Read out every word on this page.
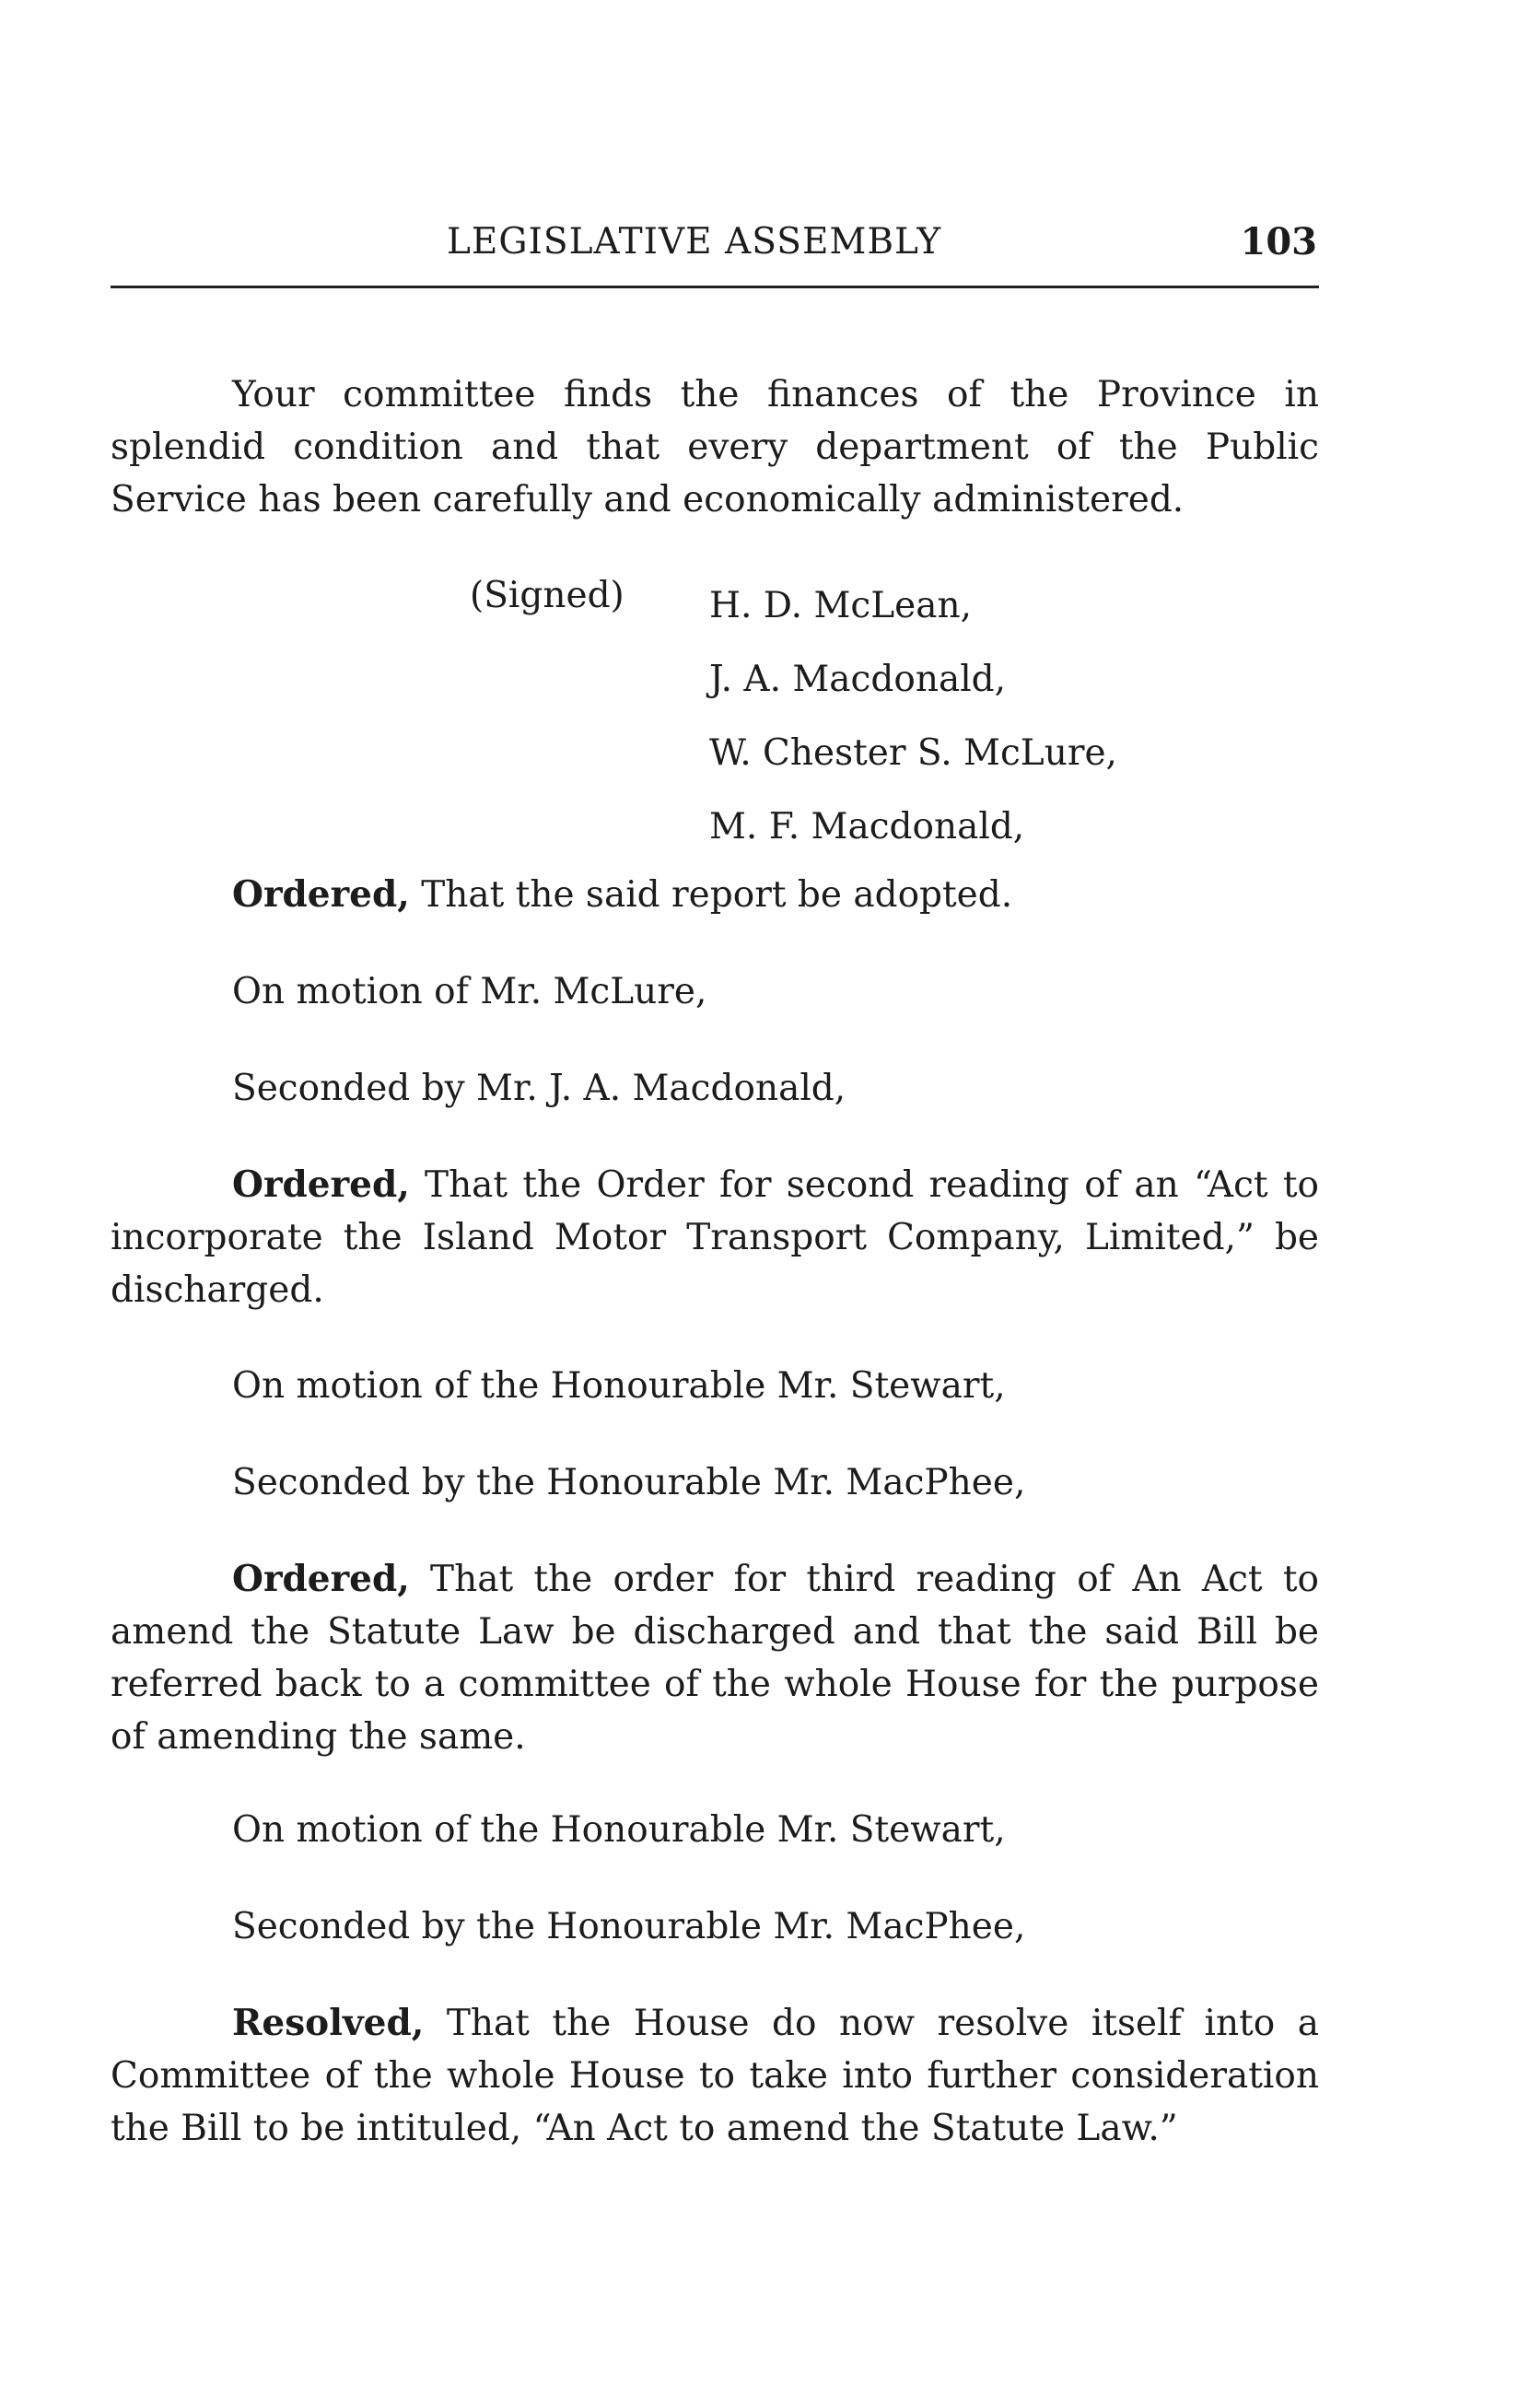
LEGISLATIVE ASSEMBLY	103

Your committee finds the finances of the Province in splendid condition and that every department of the Public Service has been carefully and economically administered.

(Signed) H. D. McLean,
J. A. Macdonald,
W. Chester S. McLure,
M. F. Macdonald,

Ordered, That the said report be adopted.

On motion of Mr. McLure,

Seconded by Mr. J. A. Macdonald,

Ordered, That the Order for second reading of an “Act to incorporate the Island Motor Transport Company, Limited,” be discharged.

On motion of the Honourable Mr. Stewart,

Seconded by the Honourable Mr. MacPhee,

Ordered, That the order for third reading of An Act to amend the Statute Law be discharged and that the said Bill be referred back to a committee of the whole House for the purpose of amending the same.

On motion of the Honourable Mr. Stewart,

Seconded by the Honourable Mr. MacPhee,

Resolved, That the House do now resolve itself into a Committee of the whole House to take into further consideration the Bill to be intituled, “An Act to amend the Statute Law.”
